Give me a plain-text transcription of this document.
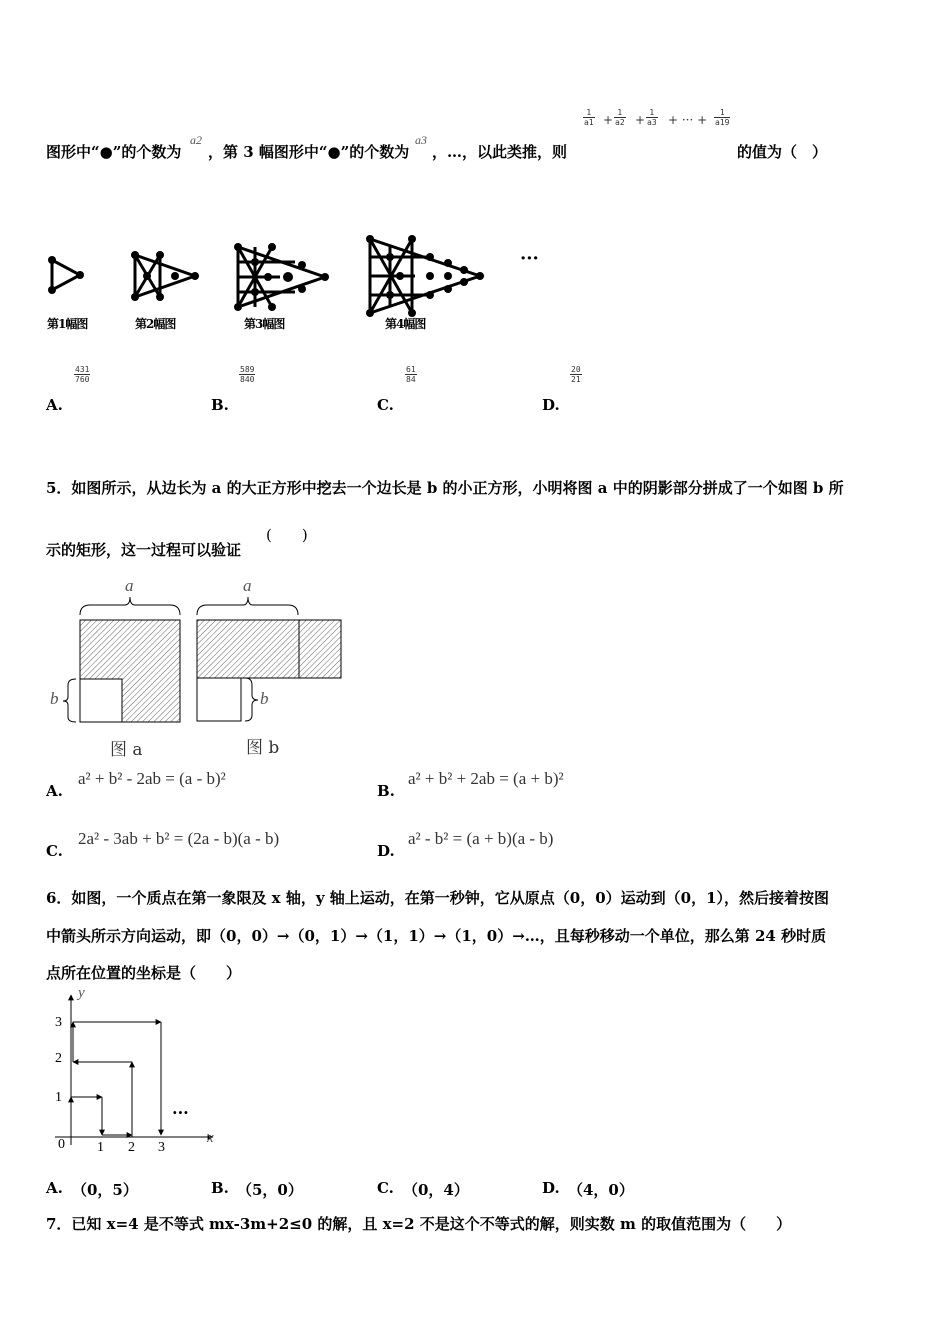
图形中“●”的个数为
a2
，第 3 幅图形中“●”的个数为
a3
，…，以此类推，则
$\frac{1}{a1} + \frac{1}{a2} + \frac{1}{a3}$ + ··· + $\frac{1}{a19}$
的值为（　）
···
第1幅图	第2幅图	第3幅图	第4幅图
A.
$\frac{431}{760}$
B.
$\frac{589}{840}$
C.
$\frac{61}{84}$
D.
$\frac{20}{21}$
5．如图所示，从边长为 a 的大正方形中挖去一个边长是 b 的小正方形，小明将图 a 中的阴影部分拼成了一个如图 b 所
示的矩形，这一过程可以验证
(　　)
a
b
a
b
图 a	图 b
A.
a² + b² - 2ab = (a - b)²
B.
a² + b² + 2ab = (a + b)²
C.
2a² - 3ab + b² = (2a - b)(a - b)
D.
a² - b² = (a + b)(a - b)
6．如图，一个质点在第一象限及 x 轴，y 轴上运动，在第一秒钟，它从原点（0，0）运动到（0，1），然后接着按图
中箭头所示方向运动，即（0，0）→（0，1）→（1，1）→（1，0）→…，且每秒移动一个单位，那么第 24 秒时质
点所在位置的坐标是（　　）
y
x
0 1 2 3
1
2
3
···
A. （0，5）	B. （5，0）	C. （0，4）	D. （4，0）
7．已知 x=4 是不等式 mx-3m+2≤0 的解，且 x=2 不是这个不等式的解，则实数 m 的取值范围为（　　）
